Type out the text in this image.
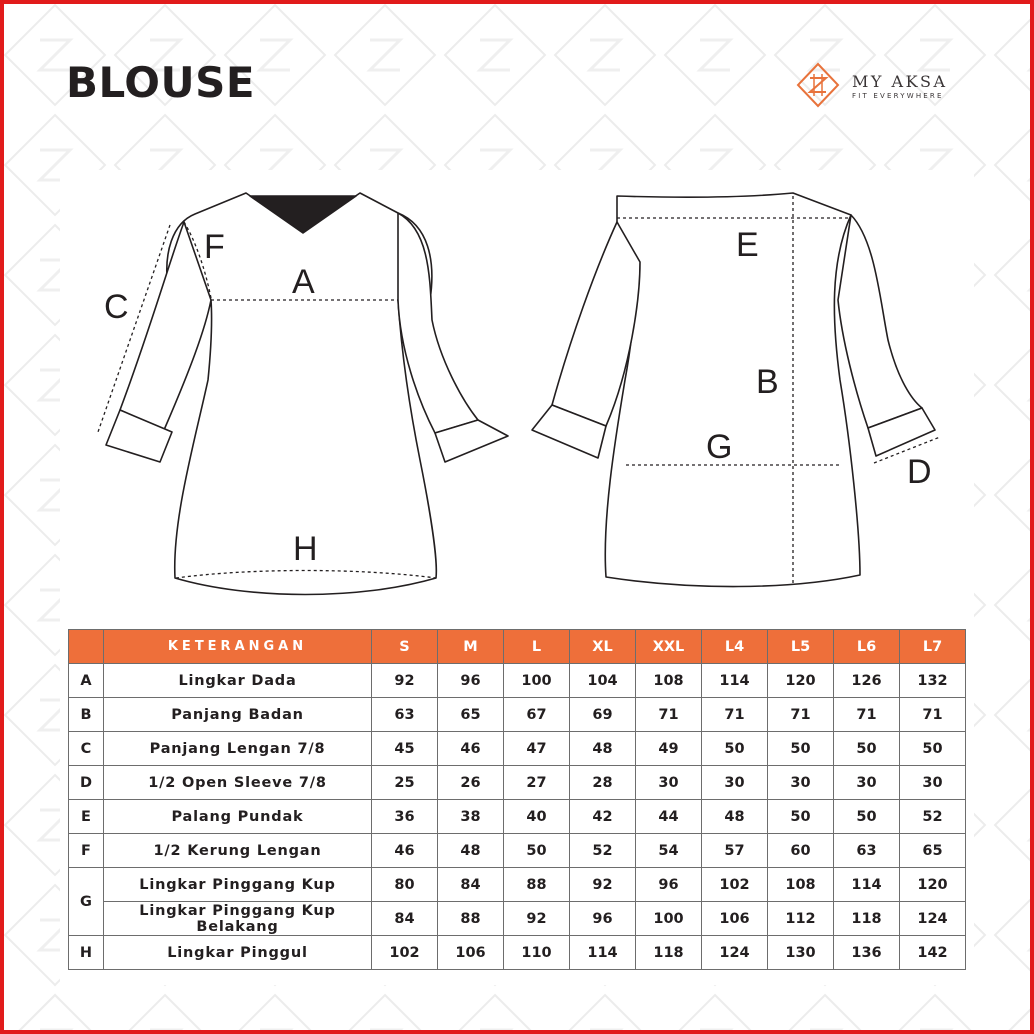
BLOUSE	MY AKSA
FIT EVERYWHERE
A
F
C
H
E
B
G
D
	KETERANGAN	S	M	L	XL	XXL	L4	L5	L6	L7
A	Lingkar Dada	92	96	100	104	108	114	120	126	132
B	Panjang Badan	63	65	67	69	71	71	71	71	71
C	Panjang Lengan 7/8	45	46	47	48	49	50	50	50	50
D	1/2 Open Sleeve 7/8	25	26	27	28	30	30	30	30	30
E	Palang Pundak	36	38	40	42	44	48	50	50	52
F	1/2 Kerung Lengan	46	48	50	52	54	57	60	63	65
G	Lingkar Pinggang Kup	80	84	88	92	96	102	108	114	120
	Lingkar Pinggang Kup Belakang	84	88	92	96	100	106	112	118	124
H	Lingkar Pinggul	102	106	110	114	118	124	130	136	142
